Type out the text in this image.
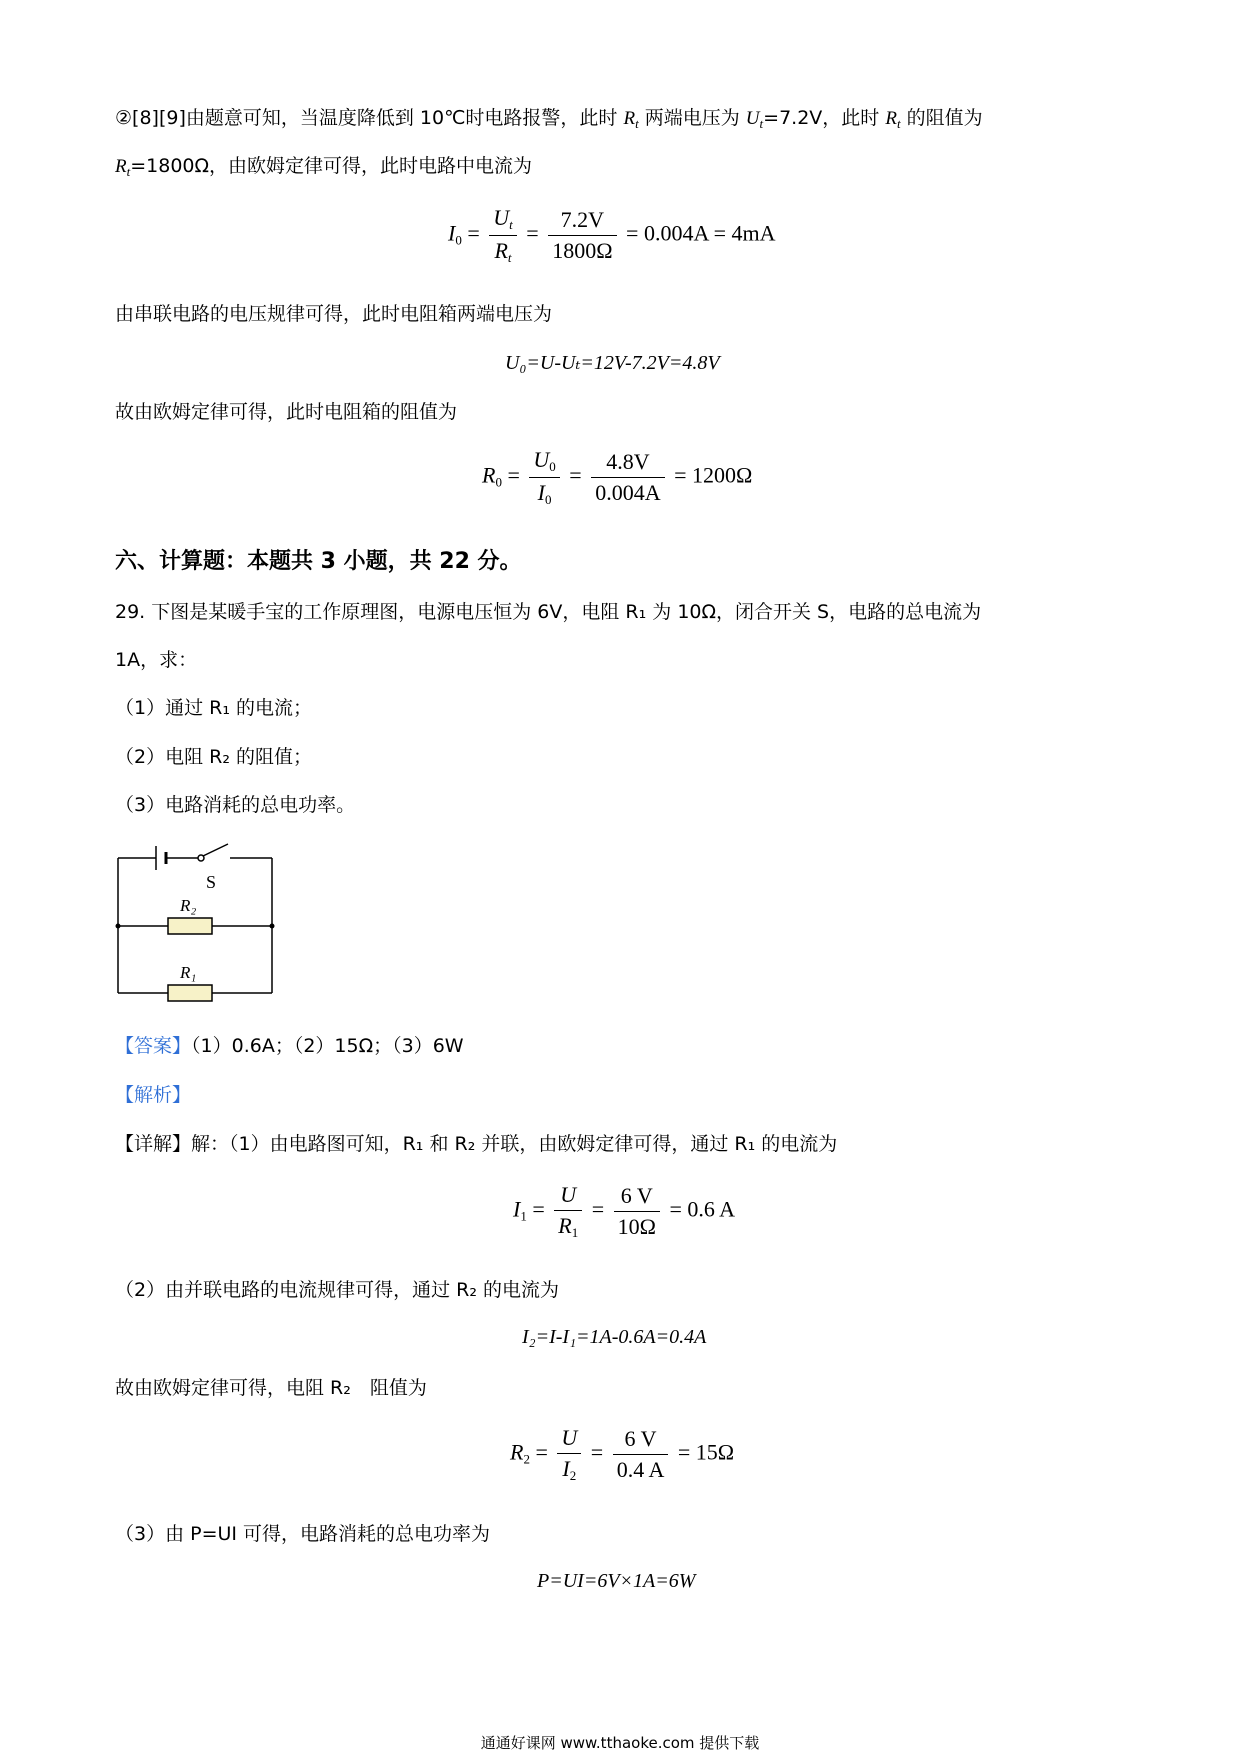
②[8][9]由题意可知，当温度降低到 10℃时电路报警，此时 $R_t$ 两端电压为 $U_t=7.2V$，此时 $R_t$ 的阻值为
$R_t=1800\Omega$，由欧姆定律可得，此时电路中电流为
$I_0 = \frac{U_t}{R_t} = \frac{7.2V}{1800\Omega} = 0.004A = 4mA$
由串联电路的电压规律可得，此时电阻箱两端电压为
U₀=U-Uₜ=12V-7.2V=4.8V
故由欧姆定律可得，此时电阻箱的阻值为
$R_0 = \frac{U_0}{I_0} = \frac{4.8V}{0.004A} = 1200\Omega$
六、计算题：本题共 3 小题，共 22 分。
29. 下图是某暖手宝的工作原理图，电源电压恒为 6V，电阻 R₁ 为 10Ω，闭合开关 S，电路的总电流为
1A，求：
（1）通过 R₁ 的电流；
（2）电阻 R₂ 的阻值；
（3）电路消耗的总电功率。
S
R₂
R₁
【答案】（1）0.6A；（2）15Ω；（3）6W
【解析】
【详解】解：（1）由电路图可知，R₁ 和 R₂ 并联，由欧姆定律可得，通过 R₁ 的电流为
$I_1 = \frac{U}{R_1} = \frac{6 V}{10\Omega} = 0.6$ A
（2）由并联电路的电流规律可得，通过 R₂ 的电流为
I₂=I-I₁=1A-0.6A=0.4A
故由欧姆定律可得，电阻 R₂　阻值为
$R_2 = \frac{U}{I_2} = \frac{6 V}{0.4 A} = 15\Omega$
（3）由 P=UI 可得，电路消耗的总电功率为
P=UI=6V×1A=6W
通通好课网 www.tthaoke.com 提供下载
